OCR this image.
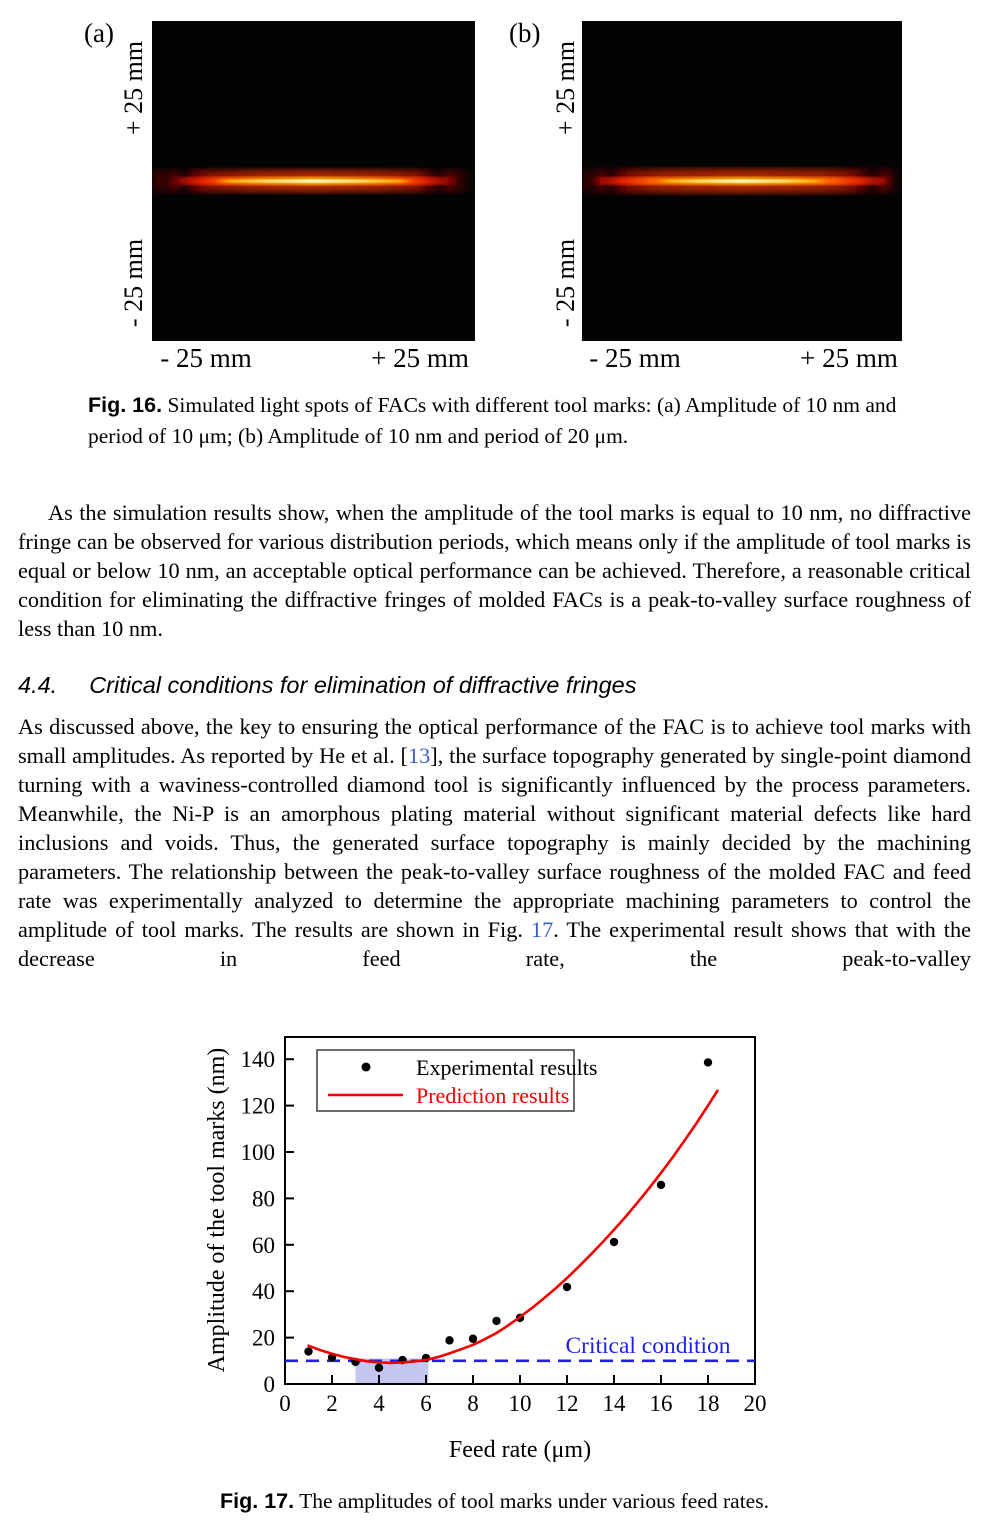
(a)
+ 25 mm
- 25 mm
- 25 mm	+ 25 mm
(b)
+ 25 mm
- 25 mm
- 25 mm	+ 25 mm
Fig. 16. Simulated light spots of FACs with different tool marks: (a) Amplitude of 10 nm and period of 10 μm; (b) Amplitude of 10 nm and period of 20 μm.
As the simulation results show, when the amplitude of the tool marks is equal to 10 nm, no diffractive fringe can be observed for various distribution periods, which means only if the amplitude of tool marks is equal or below 10 nm, an acceptable optical performance can be achieved. Therefore, a reasonable critical condition for eliminating the diffractive fringes of molded FACs is a peak-to-valley surface roughness of less than 10 nm.
4.4. Critical conditions for elimination of diffractive fringes
As discussed above, the key to ensuring the optical performance of the FAC is to achieve tool marks with small amplitudes. As reported by He et al. [13], the surface topography generated by single-point diamond turning with a waviness-controlled diamond tool is significantly influenced by the process parameters. Meanwhile, the Ni-P is an amorphous plating material without significant material defects like hard inclusions and voids. Thus, the generated surface topography is mainly decided by the machining parameters. The relationship between the peak-to-valley surface roughness of the molded FAC and feed rate was experimentally analyzed to determine the appropriate machining parameters to control the amplitude of tool marks. The results are shown in Fig. 17. The experimental result shows that with the decrease in feed rate, the peak-to-valley
0 2 4 6 8 10 12 14 16 18 20
0
20
40
60
80
100
120
140
Critical condition
Experimental results
Prediction results
Feed rate (μm)
Amplitude of the tool marks (nm)
Fig. 17. The amplitudes of tool marks under various feed rates.
